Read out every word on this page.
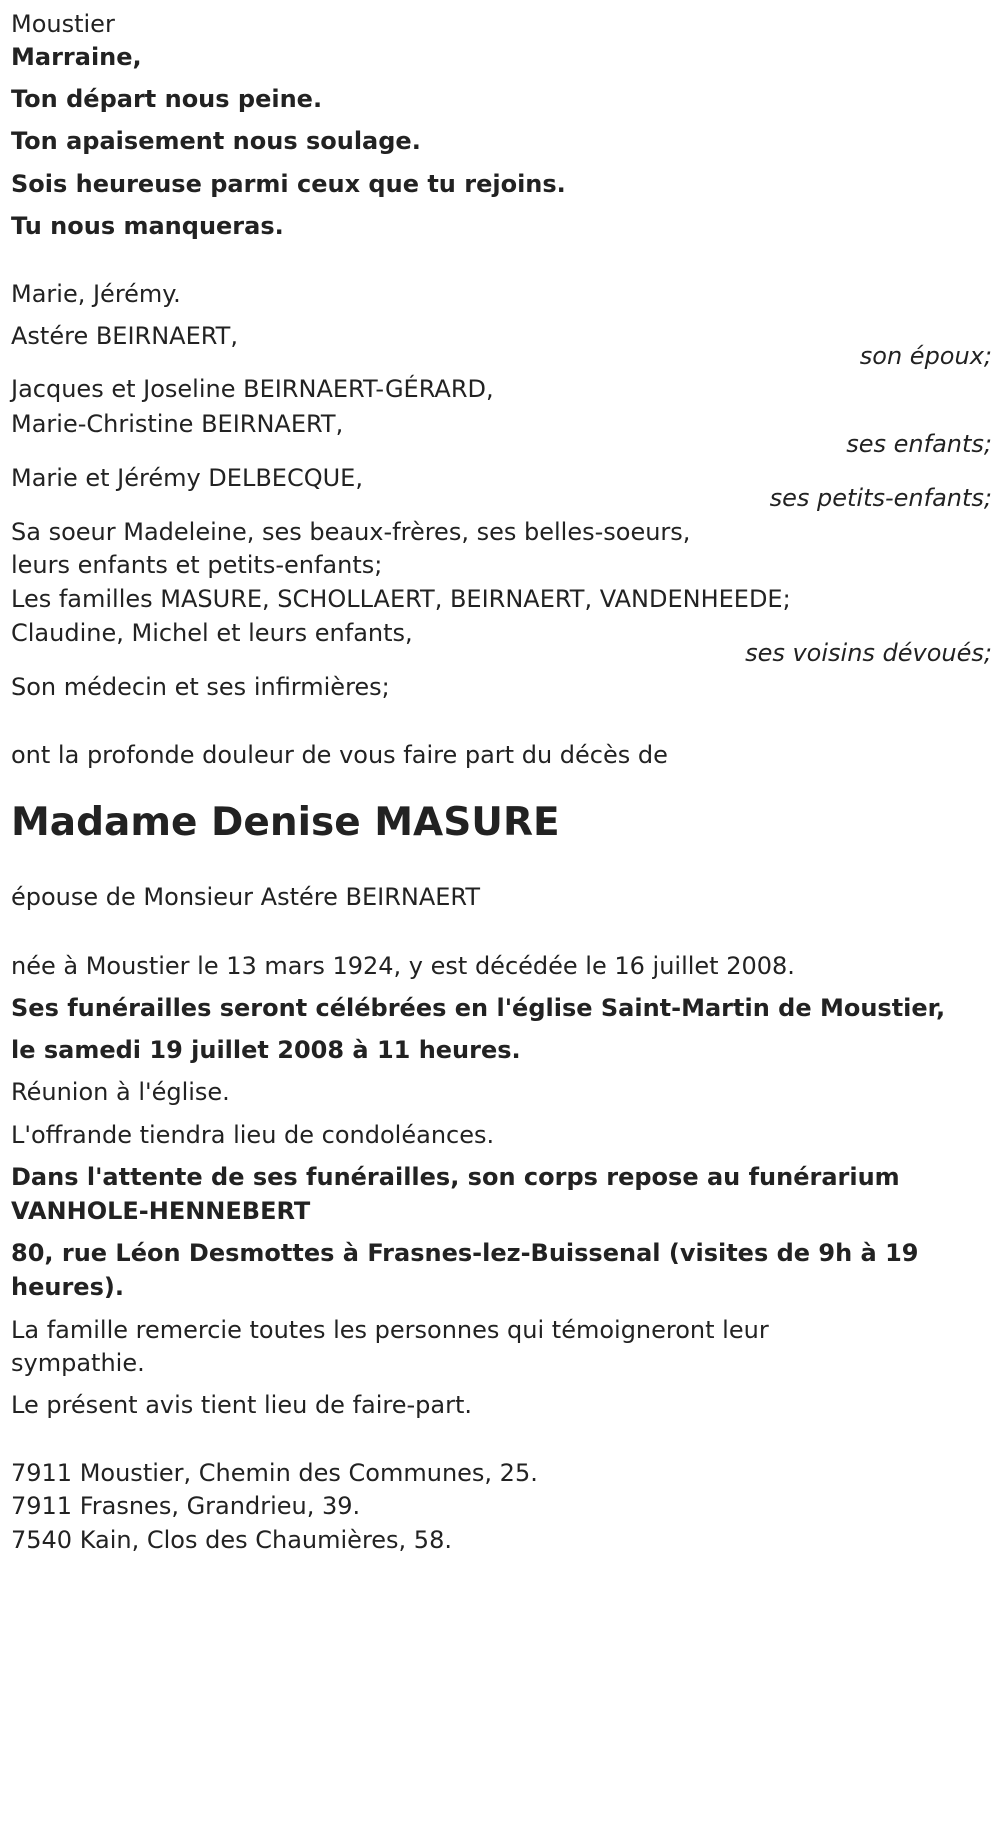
Moustier
Marraine,
Ton départ nous peine.
Ton apaisement nous soulage.
Sois heureuse parmi ceux que tu rejoins.
Tu nous manqueras.
Marie, Jérémy.
Astére BEIRNAERT,
son époux;
Jacques et Joseline BEIRNAERT-GÉRARD,
Marie-Christine BEIRNAERT,
ses enfants;
Marie et Jérémy DELBECQUE,
ses petits-enfants;
Sa soeur Madeleine, ses beaux-frères, ses belles-soeurs,
leurs enfants et petits-enfants;
Les familles MASURE, SCHOLLAERT, BEIRNAERT, VANDENHEEDE;
Claudine, Michel et leurs enfants,
ses voisins dévoués;
Son médecin et ses infirmières;
ont la profonde douleur de vous faire part du décès de
Madame Denise MASURE
épouse de Monsieur Astére BEIRNAERT
née à Moustier le 13 mars 1924, y est décédée le 16 juillet 2008.
Ses funérailles seront célébrées en l'église Saint-Martin de Moustier,
le samedi 19 juillet 2008 à 11 heures.
Réunion à l'église.
L'offrande tiendra lieu de condoléances.
Dans l'attente de ses funérailles, son corps repose au funérarium
VANHOLE-HENNEBERT
80, rue Léon Desmottes à Frasnes-lez-Buissenal (visites de 9h à 19
heures).
La famille remercie toutes les personnes qui témoigneront leur
sympathie.
Le présent avis tient lieu de faire-part.
7911 Moustier, Chemin des Communes, 25.
7911 Frasnes, Grandrieu, 39.
7540 Kain, Clos des Chaumières, 58.
